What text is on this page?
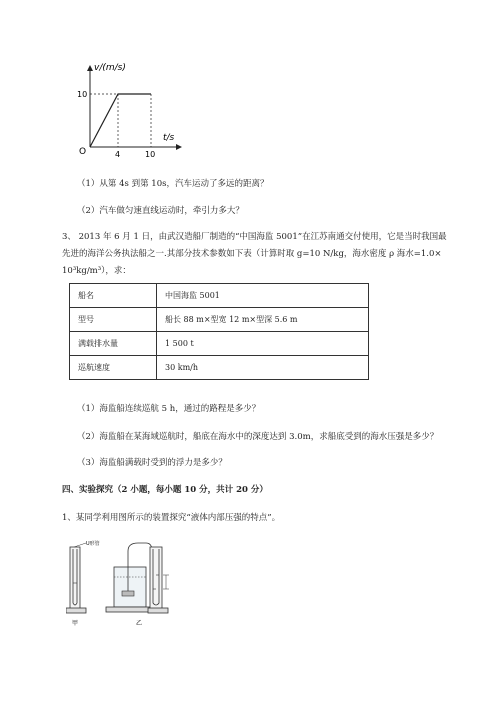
v/(m/s)
t/s
O
10
4	10
（1）从第 4s 到第 10s，汽车运动了多远的距离？
（2）汽车做匀速直线运动时，牵引力多大？
3、 2013 年 6 月 1 日，由武汉造船厂制造的“中国海监 5001”在江苏南通交付使用，它是当时我国最
先进的海洋公务执法船之一.其部分技术参数如下表（计算时取 g=10 N/kg，海水密度 ρ 海水=1.0×
10³kg/m³），求：
船名	中国海监 5001
型号	船长 88 m×型宽 12 m×型深 5.6 m
满载排水量	1 500 t
巡航速度	30 km/h
（1）海监船连续巡航 5 h，通过的路程是多少？
（2）海监船在某海域巡航时，船底在海水中的深度达到 3.0m，求船底受到的海水压强是多少？
（3）海监船满载时受到的浮力是多少？
四、实验探究（2 小题，每小题 10 分，共计 20 分）
1、某同学利用图所示的装置探究“液体内部压强的特点”。
U形管
甲	乙
